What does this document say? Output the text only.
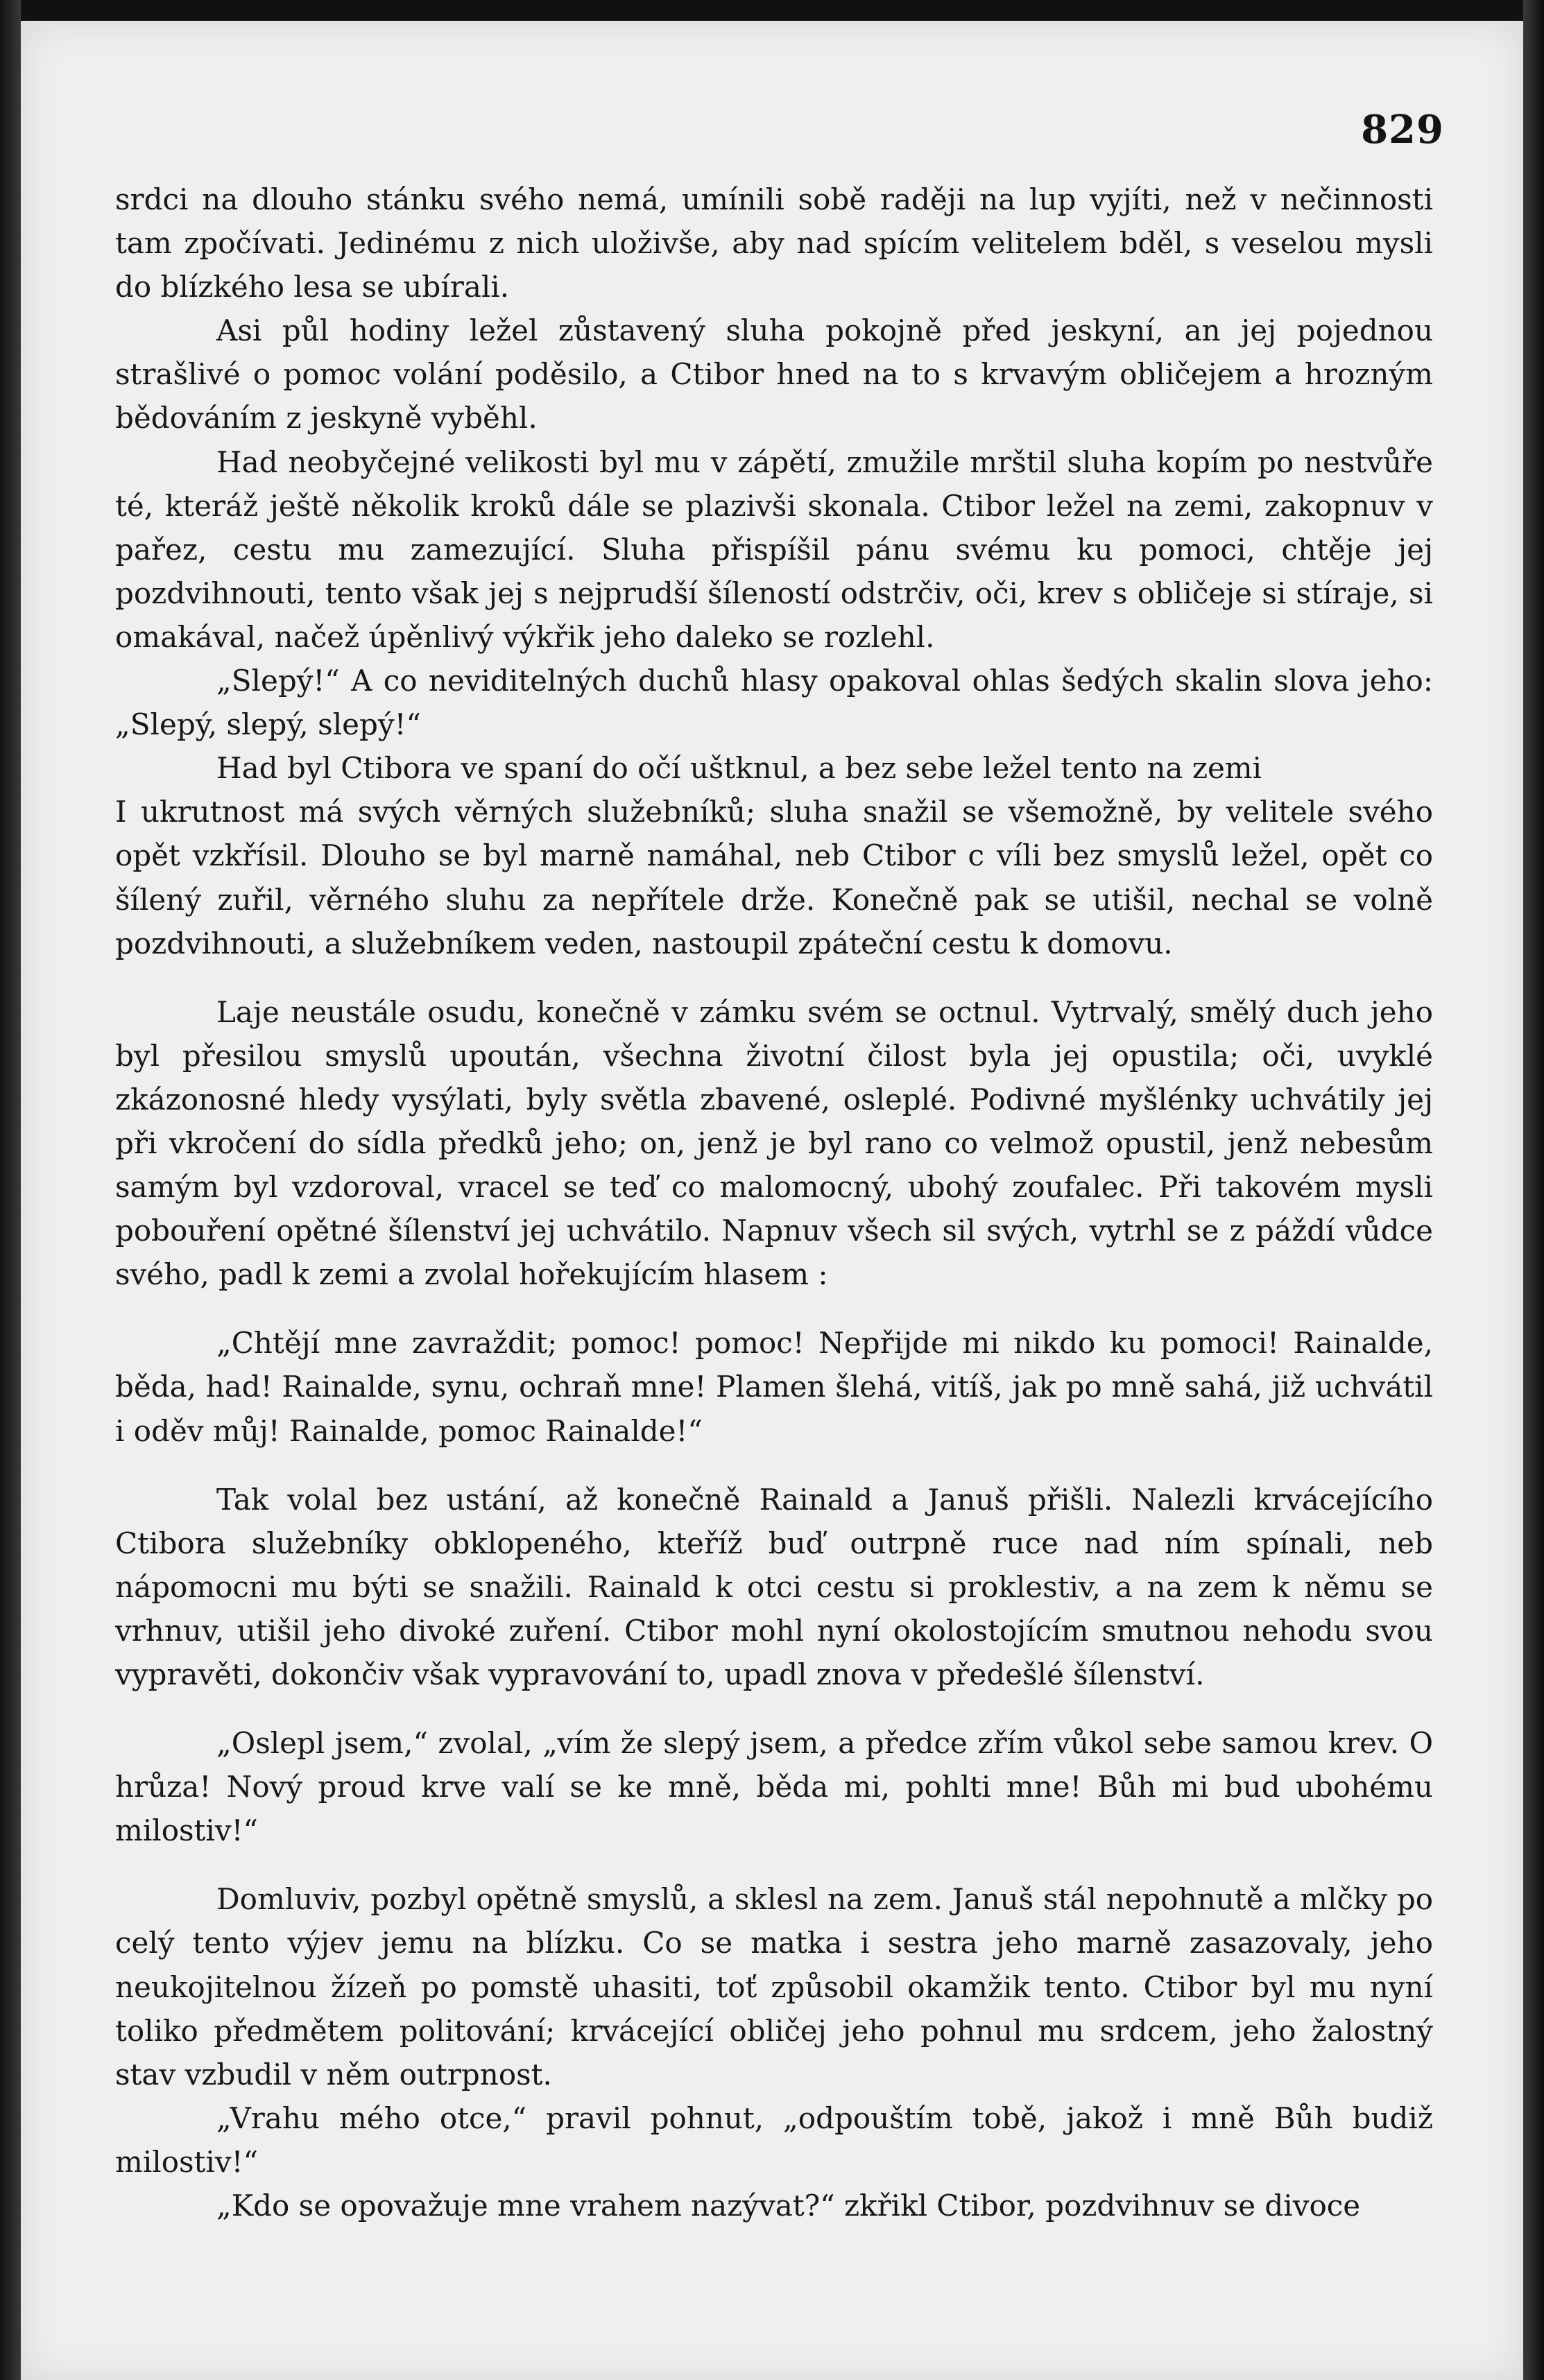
829

srdci na dlouho stánku svého nemá, umínili sobě raději na lup vyjíti, než v nečinnosti tam zpočívati. Jedinému z nich uloživše, aby nad spícím velitelem bděl, s veselou mysli do blízkého lesa se ubírali.

Asi půl hodiny ležel zůstavený sluha pokojně před jeskyní, an jej pojednou strašlivé o pomoc volání poděsilo, a Ctibor hned na to s krvavým obličejem a hrozným bědováním z jeskyně vyběhl.

Had neobyčejné velikosti byl mu v zápětí, zmužile mrštil sluha kopím po nestvůře té, kteráž ještě několik kroků dále se plazivši skonala. Ctibor ležel na zemi, zakopnuv v pařez, cestu mu zamezující. Sluha přispíšil pánu svému ku pomoci, chtěje jej pozdvihnouti, tento však jej s nejprudší šíleností odstrčiv, oči, krev s obličeje si stíraje, si omakával, načež úpěnlivý výkřik jeho daleko se rozlehl.

„Slepý!“ A co neviditelných duchů hlasy opakoval ohlas šedých skalin slova jeho: „Slepý, slepý, slepý!“

Had byl Ctibora ve spaní do očí uštknul, a bez sebe ležel tento na zemi

I ukrutnost má svých věrných služebníků; sluha snažil se všemožně, by velitele svého opět vzkřísil. Dlouho se byl marně namáhal, neb Ctibor c víli bez smyslů ležel, opět co šílený zuřil, věrného sluhu za nepřítele drže. Konečně pak se utišil, nechal se volně pozdvihnouti, a služebníkem veden, nastoupil zpáteční cestu k domovu.

Laje neustále osudu, konečně v zámku svém se octnul. Vytrvalý, smělý duch jeho byl přesilou smyslů upoután, všechna životní čilost byla jej opustila; oči, uvyklé zkázonosné hledy vysýlati, byly světla zbavené, osleplé. Podivné myšlénky uchvátily jej při vkročení do sídla předků jeho; on, jenž je byl rano co velmož opustil, jenž nebesům samým byl vzdoroval, vracel se teď co malomocný, ubohý zoufalec. Při takovém mysli pobouření opětné šílenství jej uchvátilo. Napnuv všech sil svých, vytrhl se z páždí vůdce svého, padl k zemi a zvolal hořekujícím hlasem :

„Chtějí mne zavraždit; pomoc! pomoc! Nepřijde mi nikdo ku pomoci! Rainalde, běda, had! Rainalde, synu, ochraň mne! Plamen šlehá, vitíš, jak po mně sahá, již uchvátil i oděv můj! Rainalde, pomoc Rainalde!“

Tak volal bez ustání, až konečně Rainald a Januš přišli. Nalezli krvácejícího Ctibora služebníky obklopeného, kteříž buď outrpně ruce nad ním spínali, neb nápomocni mu býti se snažili. Rainald k otci cestu si proklestiv, a na zem k němu se vrhnuv, utišil jeho divoké zuření. Ctibor mohl nyní okolostojícím smutnou nehodu svou vypravěti, dokončiv však vypravování to, upadl znova v předešlé šílenství.

„Oslepl jsem,“ zvolal, „vím že slepý jsem, a předce zřím vůkol sebe samou krev. O hrůza! Nový proud krve valí se ke mně, běda mi, pohlti mne! Bůh mi bud ubohému milostiv!“

Domluviv, pozbyl opětně smyslů, a sklesl na zem. Januš stál nepohnutě a mlčky po celý tento výjev jemu na blízku. Co se matka i sestra jeho marně zasazovaly, jeho neukojitelnou žízeň po pomstě uhasiti, toť způsobil okamžik tento. Ctibor byl mu nyní toliko předmětem politování; krvácející obličej jeho pohnul mu srdcem, jeho žalostný stav vzbudil v něm outrpnost.

„Vrahu mého otce,“ pravil pohnut, „odpouštím tobě, jakož i mně Bůh budiž milostiv!“

„Kdo se opovažuje mne vrahem nazývat?“ zkřikl Ctibor, pozdvihnuv se divoce
